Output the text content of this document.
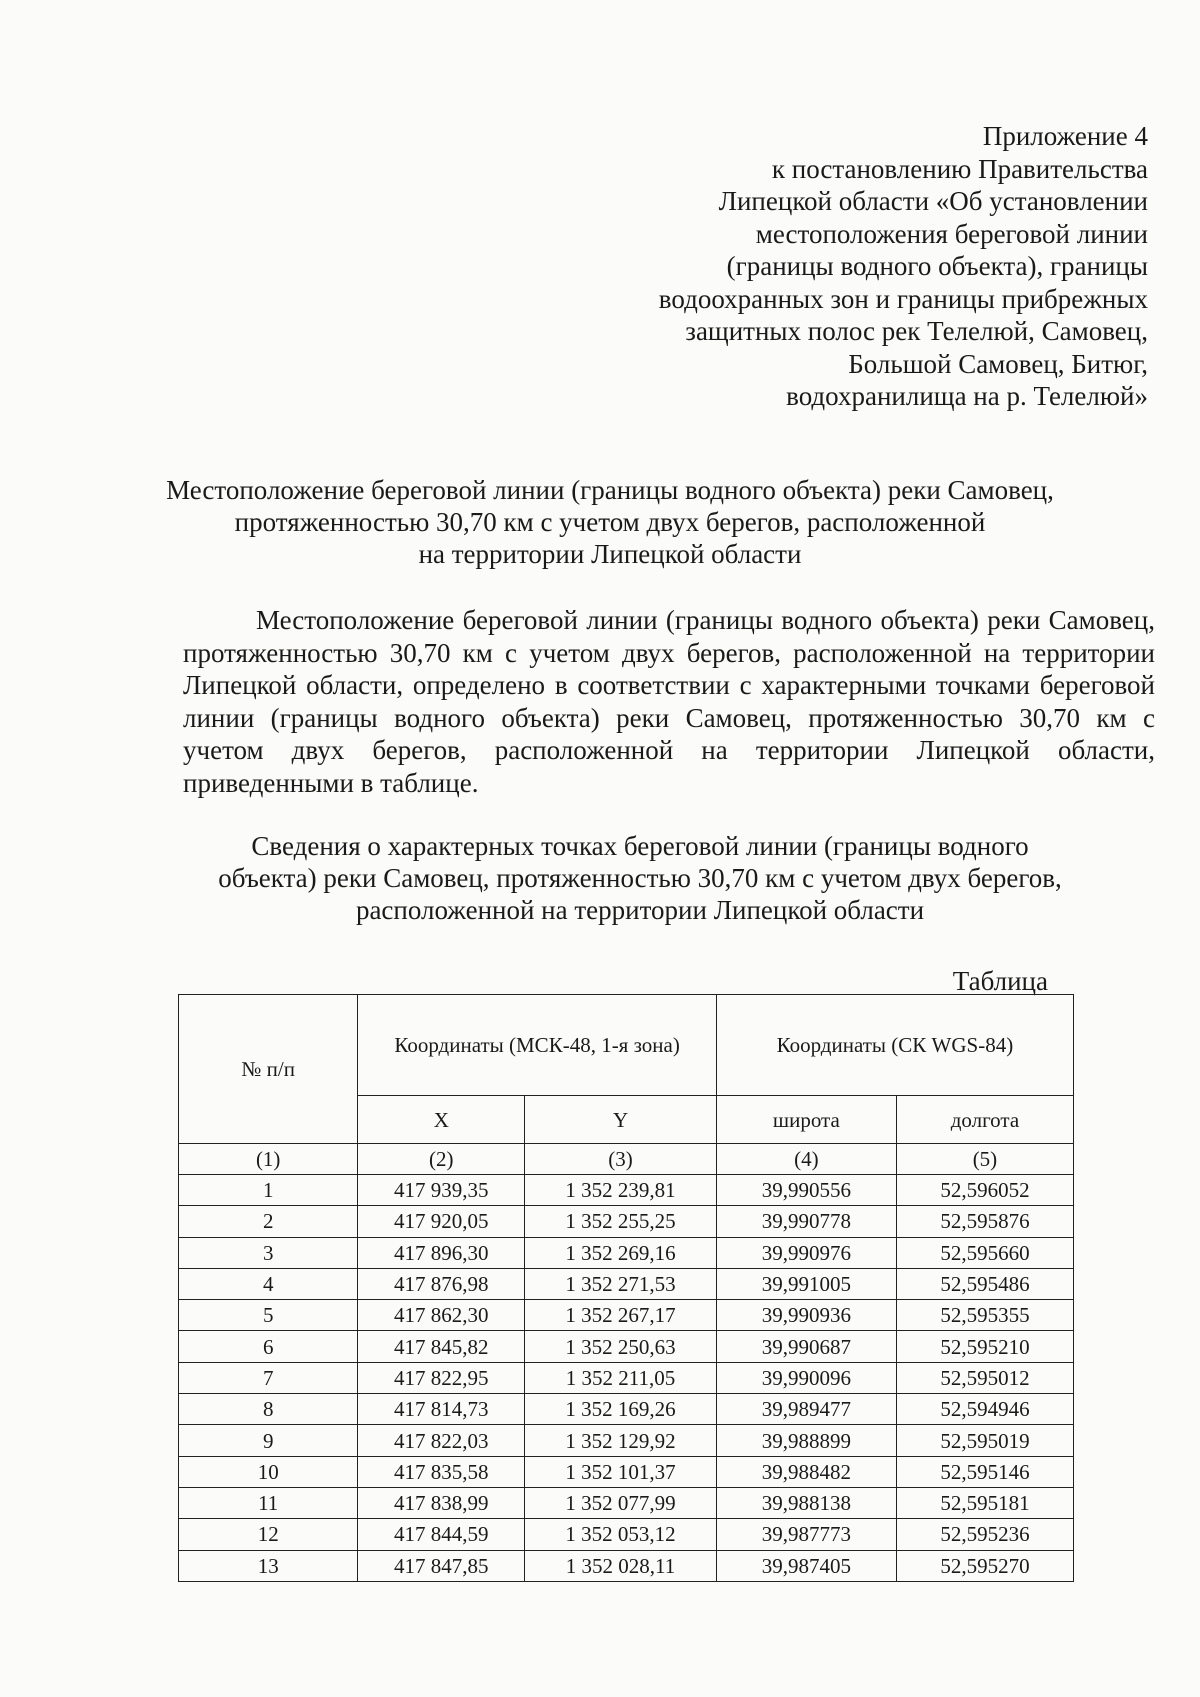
Приложение 4
к постановлению Правительства
Липецкой области «Об установлении
местоположения береговой линии
(границы водного объекта), границы
водоохранных зон и границы прибрежных
защитных полос рек Телелюй, Самовец,
Большой Самовец, Битюг,
водохранилища на р. Телелюй»
Местоположение береговой линии (границы водного объекта) реки Самовец,
протяженностью 30,70 км с учетом двух берегов, расположенной
на территории Липецкой области
Местоположение береговой линии (границы водного объекта) реки Самовец, протяженностью 30,70 км с учетом двух берегов, расположенной на территории Липецкой области, определено в соответствии с характерными точками береговой линии (границы водного объекта) реки Самовец, протяженностью 30,70 км с учетом двух берегов, расположенной на территории Липецкой области, приведенными в таблице.
Сведения о характерных точках береговой линии (границы водного
объекта) реки Самовец, протяженностью 30,70 км с учетом двух берегов,
расположенной на территории Липецкой области
Таблица
№ п/п	Координаты (МСК-48, 1-я зона)		Координаты (СК WGS-84)	
	X	Y	широта	долгота
(1)	(2)	(3)	(4)	(5)
1	417 939,35	1 352 239,81	39,990556	52,596052
2	417 920,05	1 352 255,25	39,990778	52,595876
3	417 896,30	1 352 269,16	39,990976	52,595660
4	417 876,98	1 352 271,53	39,991005	52,595486
5	417 862,30	1 352 267,17	39,990936	52,595355
6	417 845,82	1 352 250,63	39,990687	52,595210
7	417 822,95	1 352 211,05	39,990096	52,595012
8	417 814,73	1 352 169,26	39,989477	52,594946
9	417 822,03	1 352 129,92	39,988899	52,595019
10	417 835,58	1 352 101,37	39,988482	52,595146
11	417 838,99	1 352 077,99	39,988138	52,595181
12	417 844,59	1 352 053,12	39,987773	52,595236
13	417 847,85	1 352 028,11	39,987405	52,595270
